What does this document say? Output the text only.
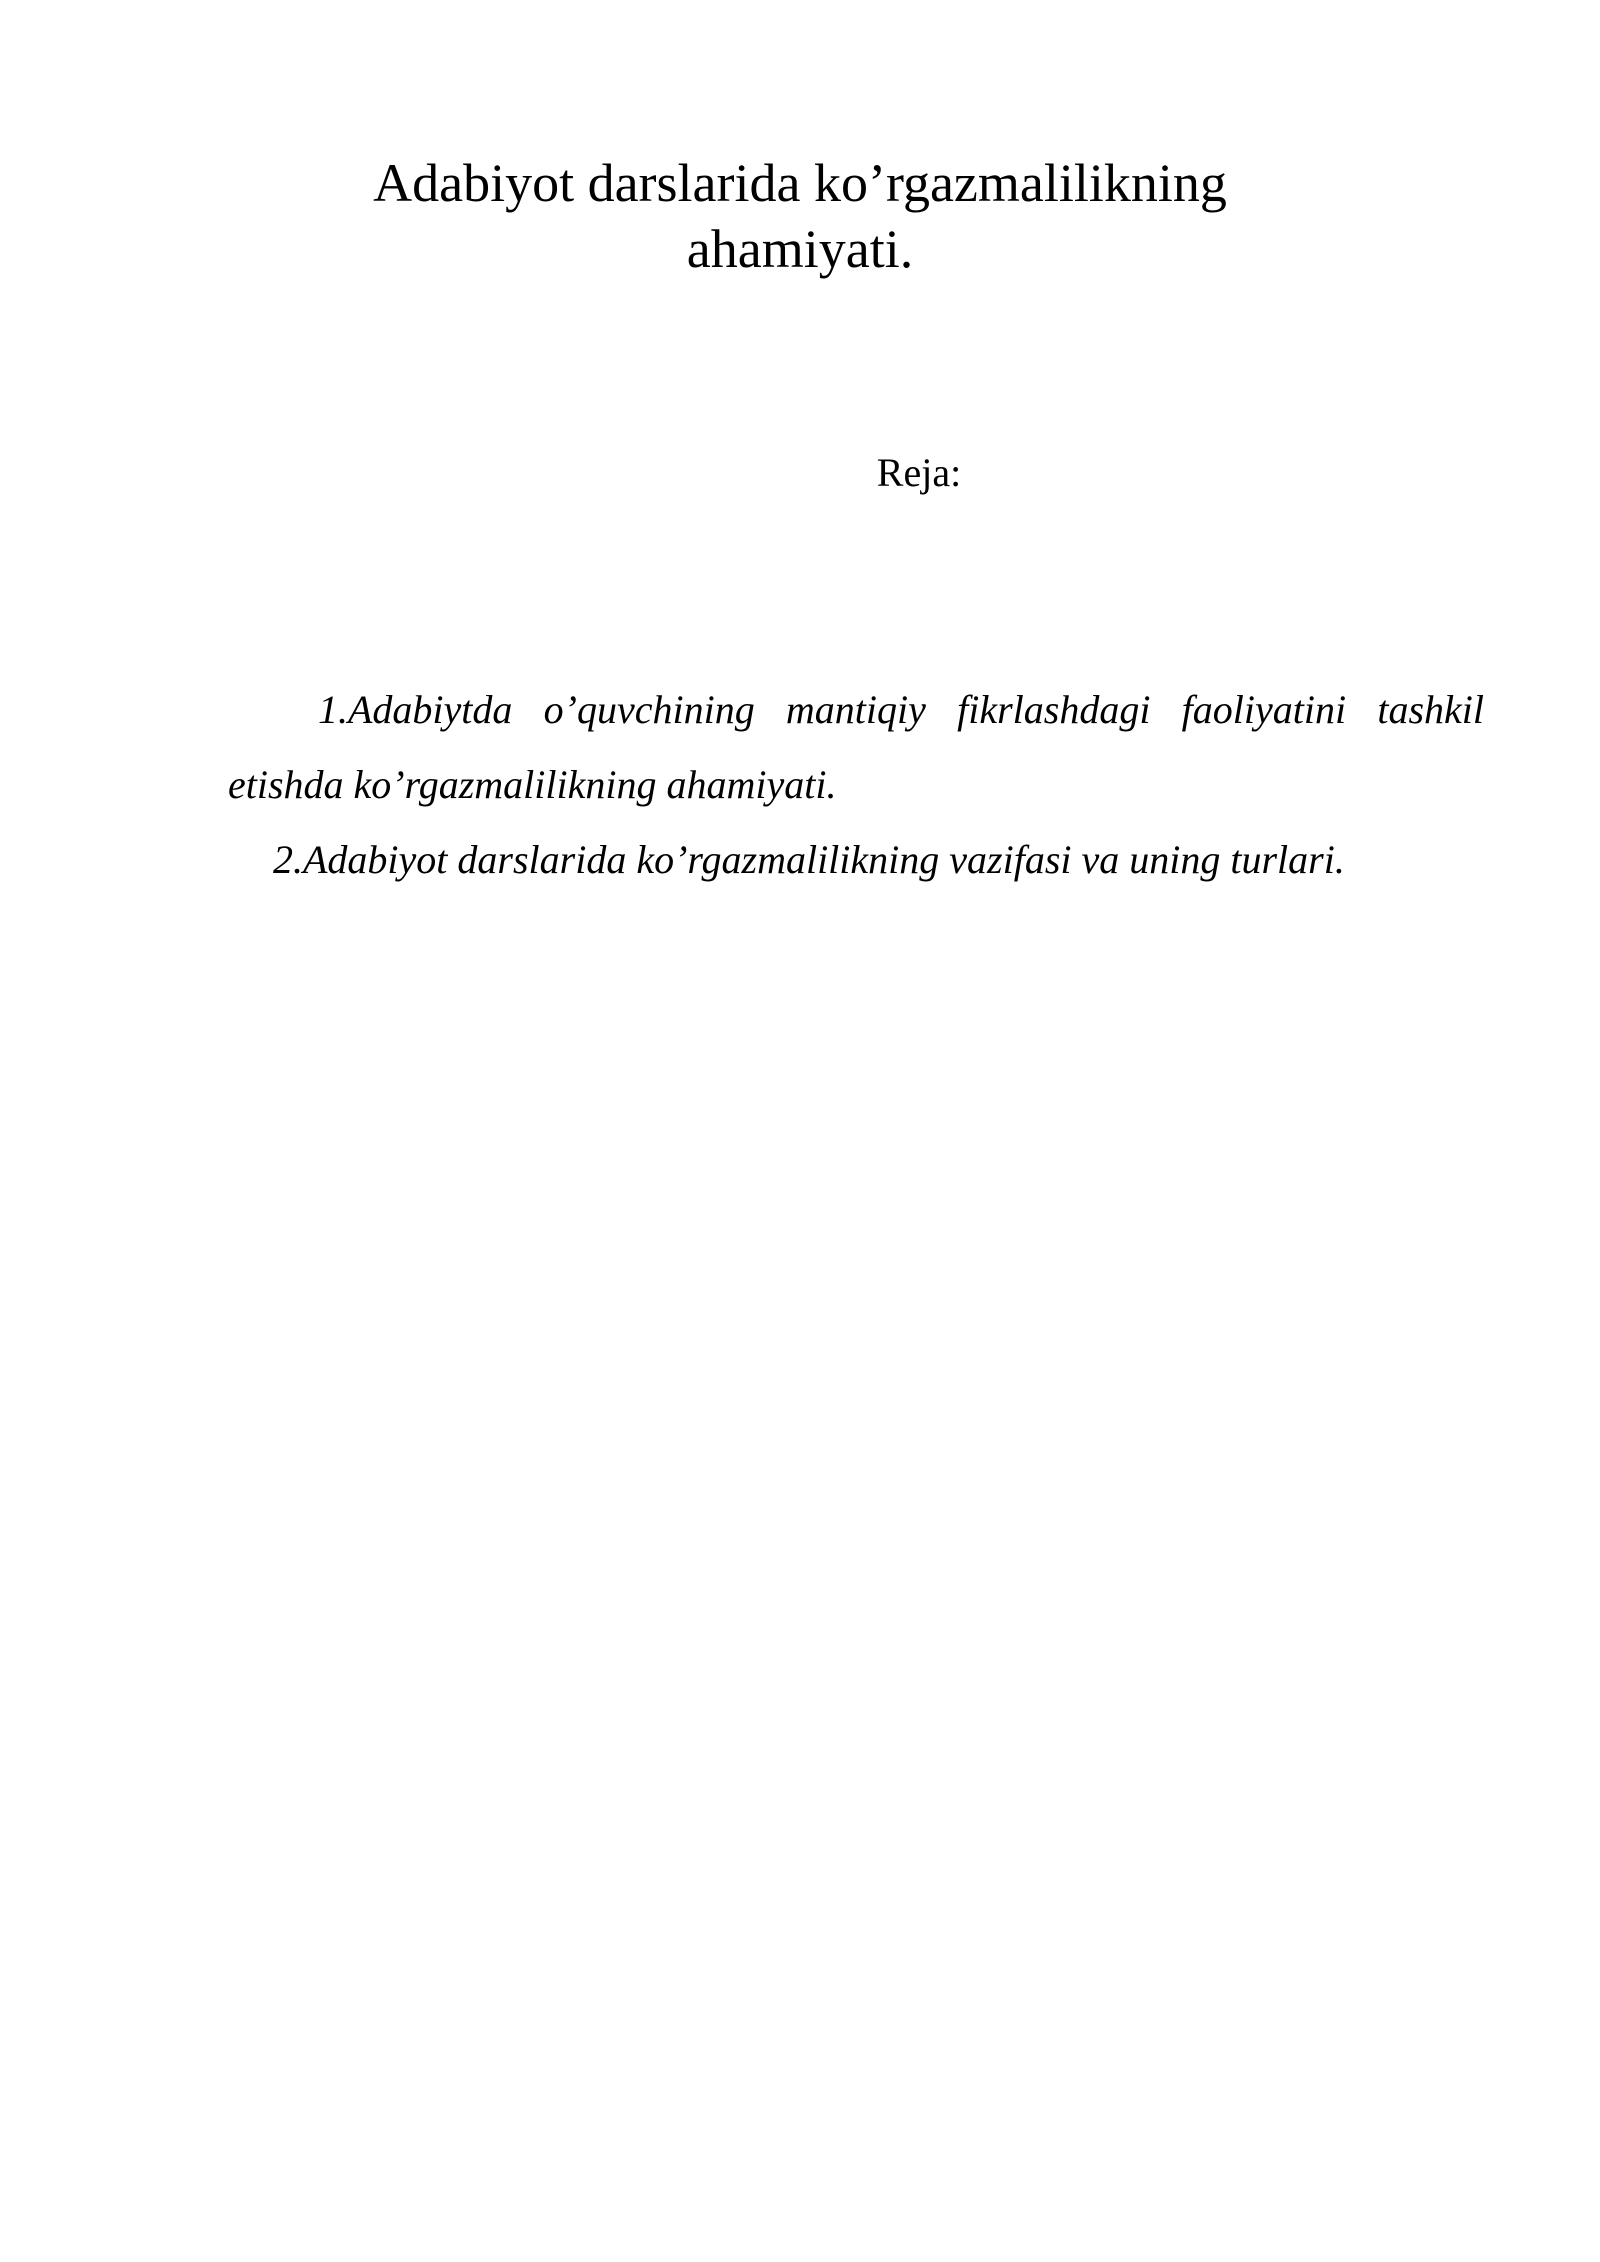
Adabiyot darslarida ko’rgazmalilikning
ahamiyati.

Reja:

1.Adabiytda o’quvchining mantiqiy fikrlashdagi faoliyatini tashkil etishda ko’rgazmalilikning ahamiyati.
2.Adabiyot darslarida ko’rgazmalilikning vazifasi va uning turlari.
